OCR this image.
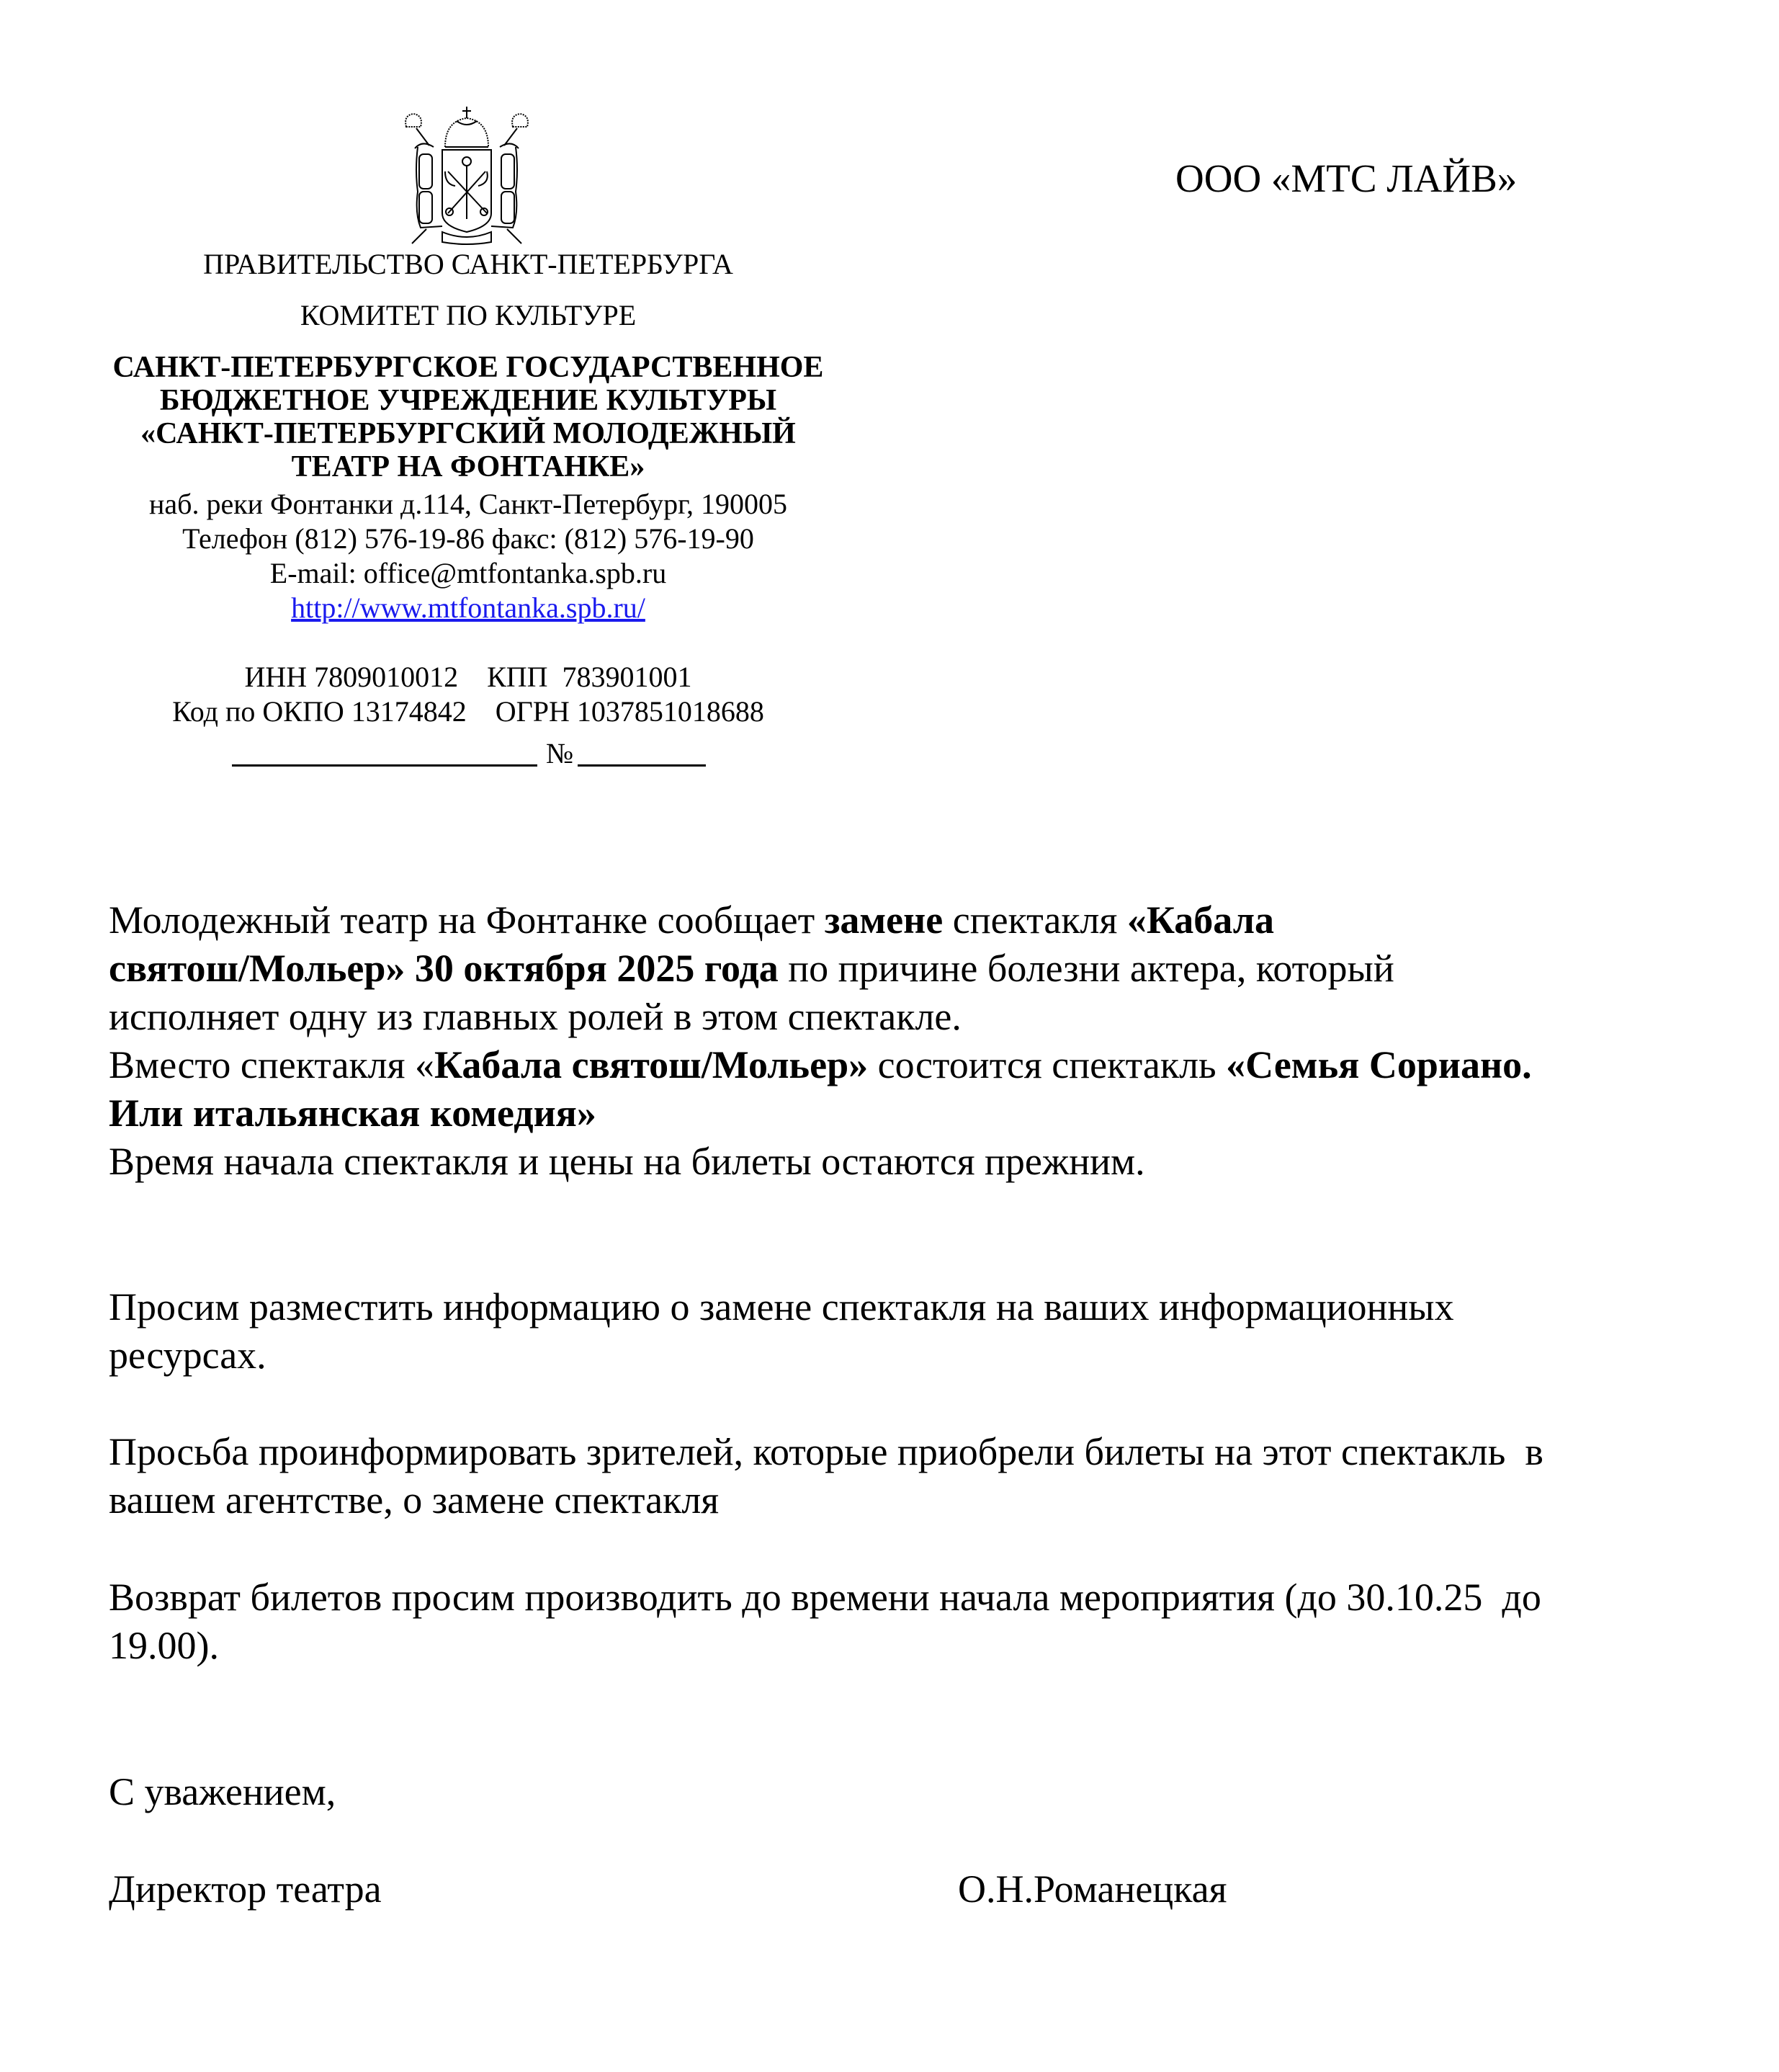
ПРАВИТЕЛЬСТВО САНКТ-ПЕТЕРБУРГА
КОМИТЕТ ПО КУЛЬТУРЕ
САНКТ-ПЕТЕРБУРГСКОЕ ГОСУДАРСТВЕННОЕ
БЮДЖЕТНОЕ УЧРЕЖДЕНИЕ КУЛЬТУРЫ
«САНКТ-ПЕТЕРБУРГСКИЙ МОЛОДЕЖНЫЙ
ТЕАТР НА ФОНТАНКЕ»
наб. реки Фонтанки д.114, Санкт-Петербург, 190005
Телефон (812) 576-19-86 факс: (812) 576-19-90
E-mail: office@mtfontanka.spb.ru
http://www.mtfontanka.spb.ru/
ИНН 7809010012    КПП  783901001
Код по ОКПО 13174842    ОГРН 1037851018688
№
ООО «МТС ЛАЙВ»
Молодежный театр на Фонтанке сообщает замене спектакля «Кабала
святош/Мольер» 30 октября 2025 года по причине болезни актера, который
исполняет одну из главных ролей в этом спектакле.
Вместо спектакля «Кабала святош/Мольер» состоится спектакль «Семья Сориано.
Или итальянская комедия»
Время начала спектакля и цены на билеты остаются прежним.
Просим разместить информацию о замене спектакля на ваших информационных
ресурсах.
Просьба проинформировать зрителей, которые приобрели билеты на этот спектакль  в
вашем агентстве, о замене спектакля
Возврат билетов просим производить до времени начала мероприятия (до 30.10.25  до
19.00).
С уважением,
Директор театра	О.Н.Романецкая
